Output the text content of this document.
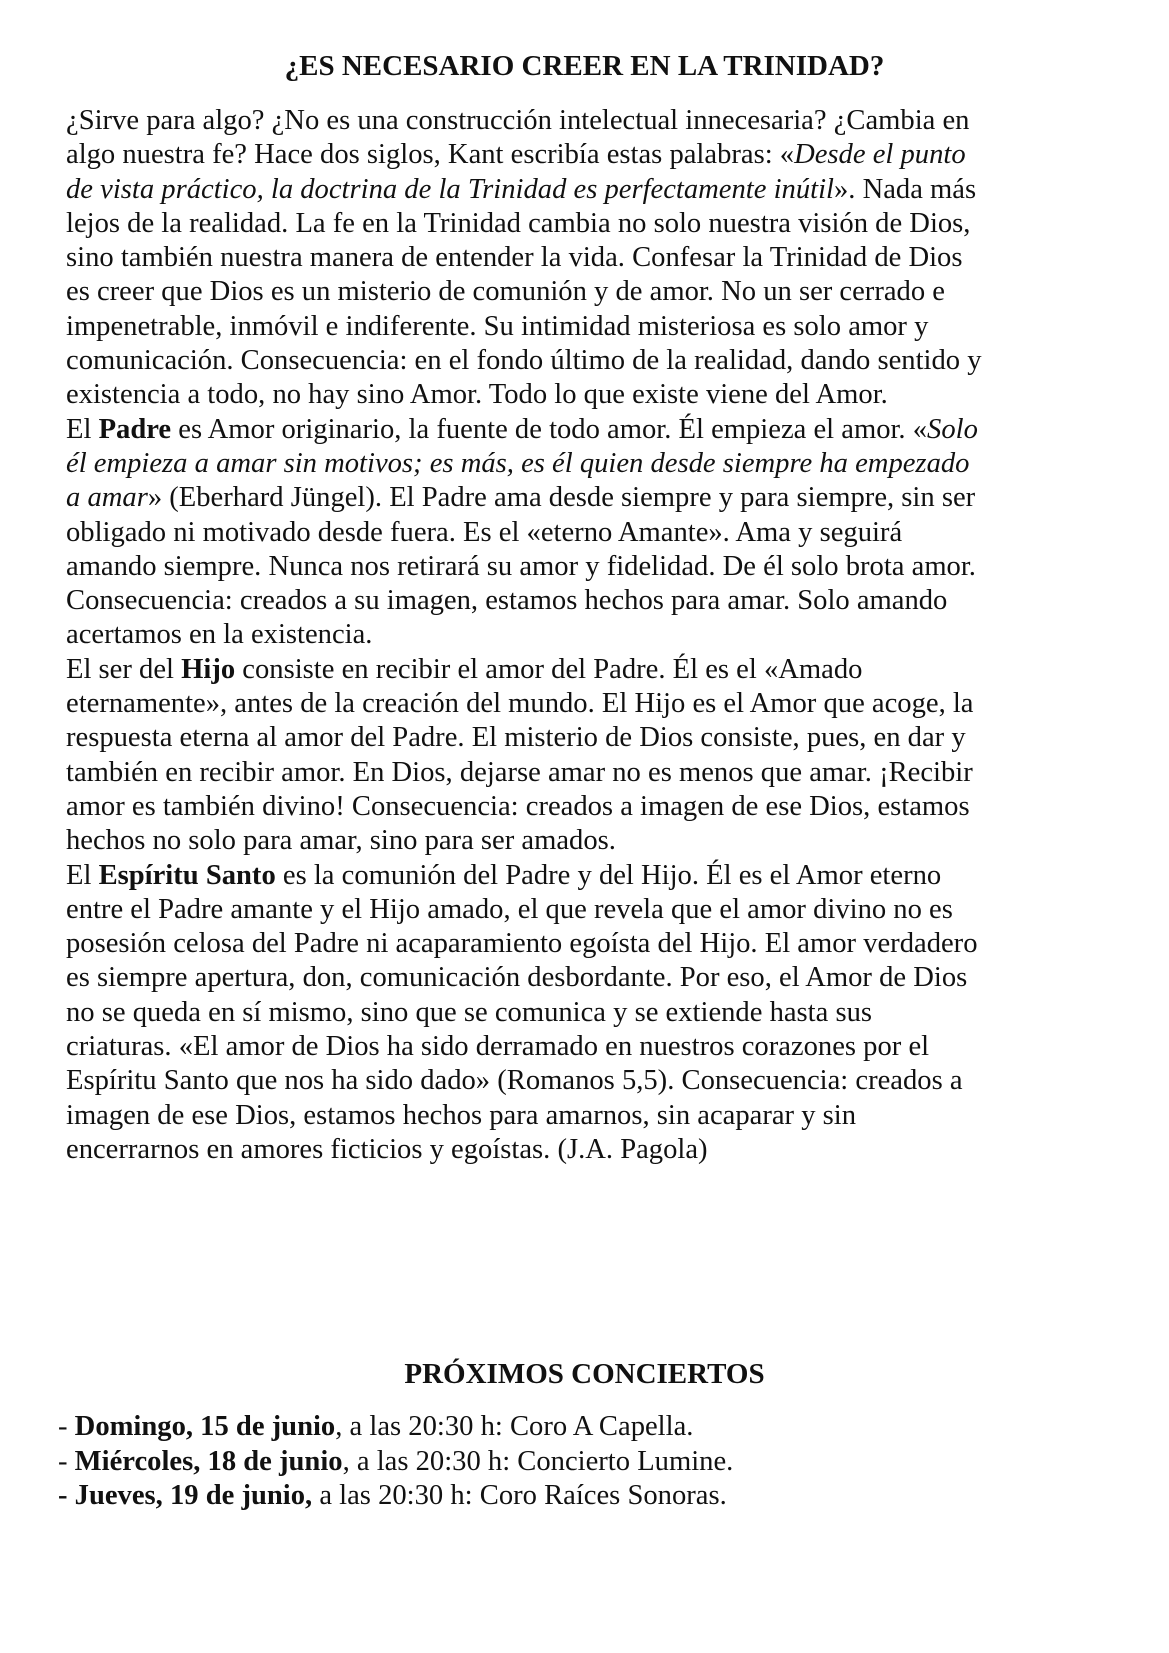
¿ES NECESARIO CREER EN LA TRINIDAD?
¿Sirve para algo? ¿No es una construcción intelectual innecesaria? ¿Cambia en
algo nuestra fe? Hace dos siglos, Kant escribía estas palabras: «Desde el punto
de vista práctico, la doctrina de la Trinidad es perfectamente inútil». Nada más
lejos de la realidad. La fe en la Trinidad cambia no solo nuestra visión de Dios,
sino también nuestra manera de entender la vida. Confesar la Trinidad de Dios
es creer que Dios es un misterio de comunión y de amor. No un ser cerrado e
impenetrable, inmóvil e indiferente. Su intimidad misteriosa es solo amor y
comunicación. Consecuencia: en el fondo último de la realidad, dando sentido y
existencia a todo, no hay sino Amor. Todo lo que existe viene del Amor.
El Padre es Amor originario, la fuente de todo amor. Él empieza el amor. «Solo
él empieza a amar sin motivos; es más, es él quien desde siempre ha empezado
a amar» (Eberhard Jüngel). El Padre ama desde siempre y para siempre, sin ser
obligado ni motivado desde fuera. Es el «eterno Amante». Ama y seguirá
amando siempre. Nunca nos retirará su amor y fidelidad. De él solo brota amor.
Consecuencia: creados a su imagen, estamos hechos para amar. Solo amando
acertamos en la existencia.
El ser del Hijo consiste en recibir el amor del Padre. Él es el «Amado
eternamente», antes de la creación del mundo. El Hijo es el Amor que acoge, la
respuesta eterna al amor del Padre. El misterio de Dios consiste, pues, en dar y
también en recibir amor. En Dios, dejarse amar no es menos que amar. ¡Recibir
amor es también divino! Consecuencia: creados a imagen de ese Dios, estamos
hechos no solo para amar, sino para ser amados.
El Espíritu Santo es la comunión del Padre y del Hijo. Él es el Amor eterno
entre el Padre amante y el Hijo amado, el que revela que el amor divino no es
posesión celosa del Padre ni acaparamiento egoísta del Hijo. El amor verdadero
es siempre apertura, don, comunicación desbordante. Por eso, el Amor de Dios
no se queda en sí mismo, sino que se comunica y se extiende hasta sus
criaturas. «El amor de Dios ha sido derramado en nuestros corazones por el
Espíritu Santo que nos ha sido dado» (Romanos 5,5). Consecuencia: creados a
imagen de ese Dios, estamos hechos para amarnos, sin acaparar y sin
encerrarnos en amores ficticios y egoístas. (J.A. Pagola)
PRÓXIMOS CONCIERTOS
- Domingo, 15 de junio, a las 20:30 h: Coro A Capella.
- Miércoles, 18 de junio, a las 20:30 h: Concierto Lumine.
- Jueves, 19 de junio, a las 20:30 h: Coro Raíces Sonoras.
